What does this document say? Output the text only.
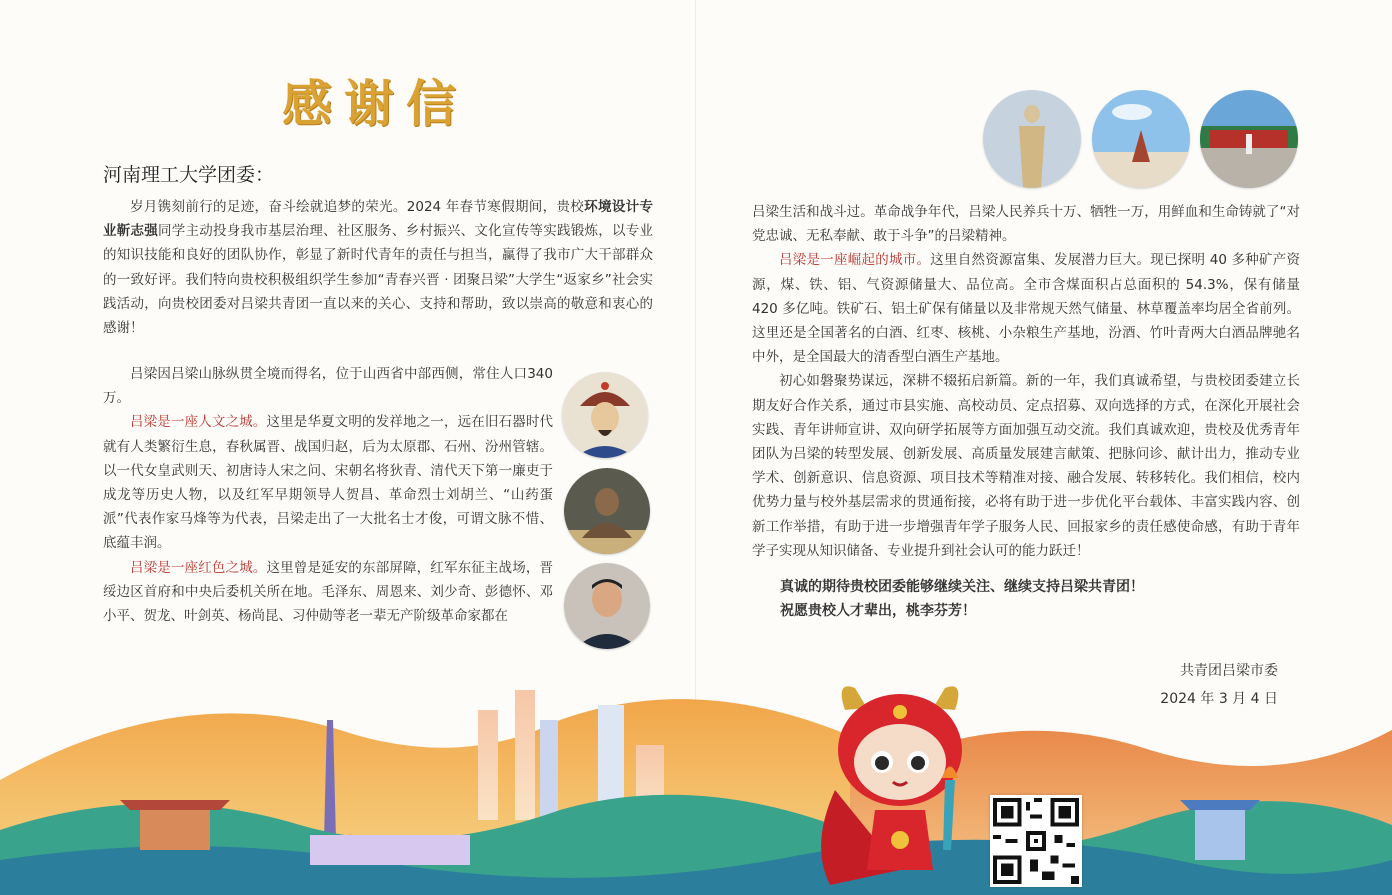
感谢信
河南理工大学团委：

岁月镌刻前行的足迹，奋斗绘就追梦的荣光。2024 年春节寒假期间，贵校环境设计专业靳志强同学主动投身我市基层治理、社区服务、乡村振兴、文化宣传等实践锻炼，以专业的知识技能和良好的团队协作，彰显了新时代青年的责任与担当，赢得了我市广大干部群众的一致好评。我们特向贵校积极组织学生参加“青春兴晋 · 团聚吕梁”大学生“返家乡”社会实践活动，向贵校团委对吕梁共青团一直以来的关心、支持和帮助，致以崇高的敬意和衷心的感谢！

吕梁因吕梁山脉纵贯全境而得名，位于山西省中部西侧，常住人口340 万。

吕梁是一座人文之城。这里是华夏文明的发祥地之一，远在旧石器时代就有人类繁衍生息，春秋属晋、战国归赵，后为太原郡、石州、汾州管辖。以一代女皇武则天、初唐诗人宋之问、宋朝名将狄青、清代天下第一廉吏于成龙等历史人物，以及红军早期领导人贺昌、革命烈士刘胡兰、“山药蛋派”代表作家马烽等为代表，吕梁走出了一大批名士才俊，可谓文脉不惜、底蕴丰润。

吕梁是一座红色之城。这里曾是延安的东部屏障，红军东征主战场，晋绥边区首府和中央后委机关所在地。毛泽东、周恩来、刘少奇、彭德怀、邓小平、贺龙、叶剑英、杨尚昆、习仲勋等老一辈无产阶级革命家都在

吕梁生活和战斗过。革命战争年代，吕梁人民养兵十万、牺牲一万，用鲜血和生命铸就了“对党忠诚、无私奉献、敢于斗争”的吕梁精神。

吕梁是一座崛起的城市。这里自然资源富集、发展潜力巨大。现已探明 40 多种矿产资源，煤、铁、铝、气资源储量大、品位高。全市含煤面积占总面积的 54.3%，保有储量 420 多亿吨。铁矿石、铝土矿保有储量以及非常规天然气储量、林草覆盖率均居全省前列。这里还是全国著名的白酒、红枣、核桃、小杂粮生产基地，汾酒、竹叶青两大白酒品牌驰名中外，是全国最大的清香型白酒生产基地。

初心如磐聚势谋远，深耕不辍拓启新篇。新的一年，我们真诚希望，与贵校团委建立长期友好合作关系，通过市县实施、高校动员、定点招募、双向选择的方式，在深化开展社会实践、青年讲师宣讲、双向研学拓展等方面加强互动交流。我们真诚欢迎，贵校及优秀青年团队为吕梁的转型发展、创新发展、高质量发展建言献策、把脉问诊、献计出力，推动专业学术、创新意识、信息资源、项目技术等精准对接、融合发展、转移转化。我们相信，校内优势力量与校外基层需求的贯通衔接，必将有助于进一步优化平台载体、丰富实践内容、创新工作举措，有助于进一步增强青年学子服务人民、回报家乡的责任感使命感，有助于青年学子实现从知识储备、专业提升到社会认可的能力跃迁！

真诚的期待贵校团委能够继续关注、继续支持吕梁共青团！
祝愿贵校人才辈出，桃李芬芳！
共青团吕梁市委
2024 年 3 月 4 日
